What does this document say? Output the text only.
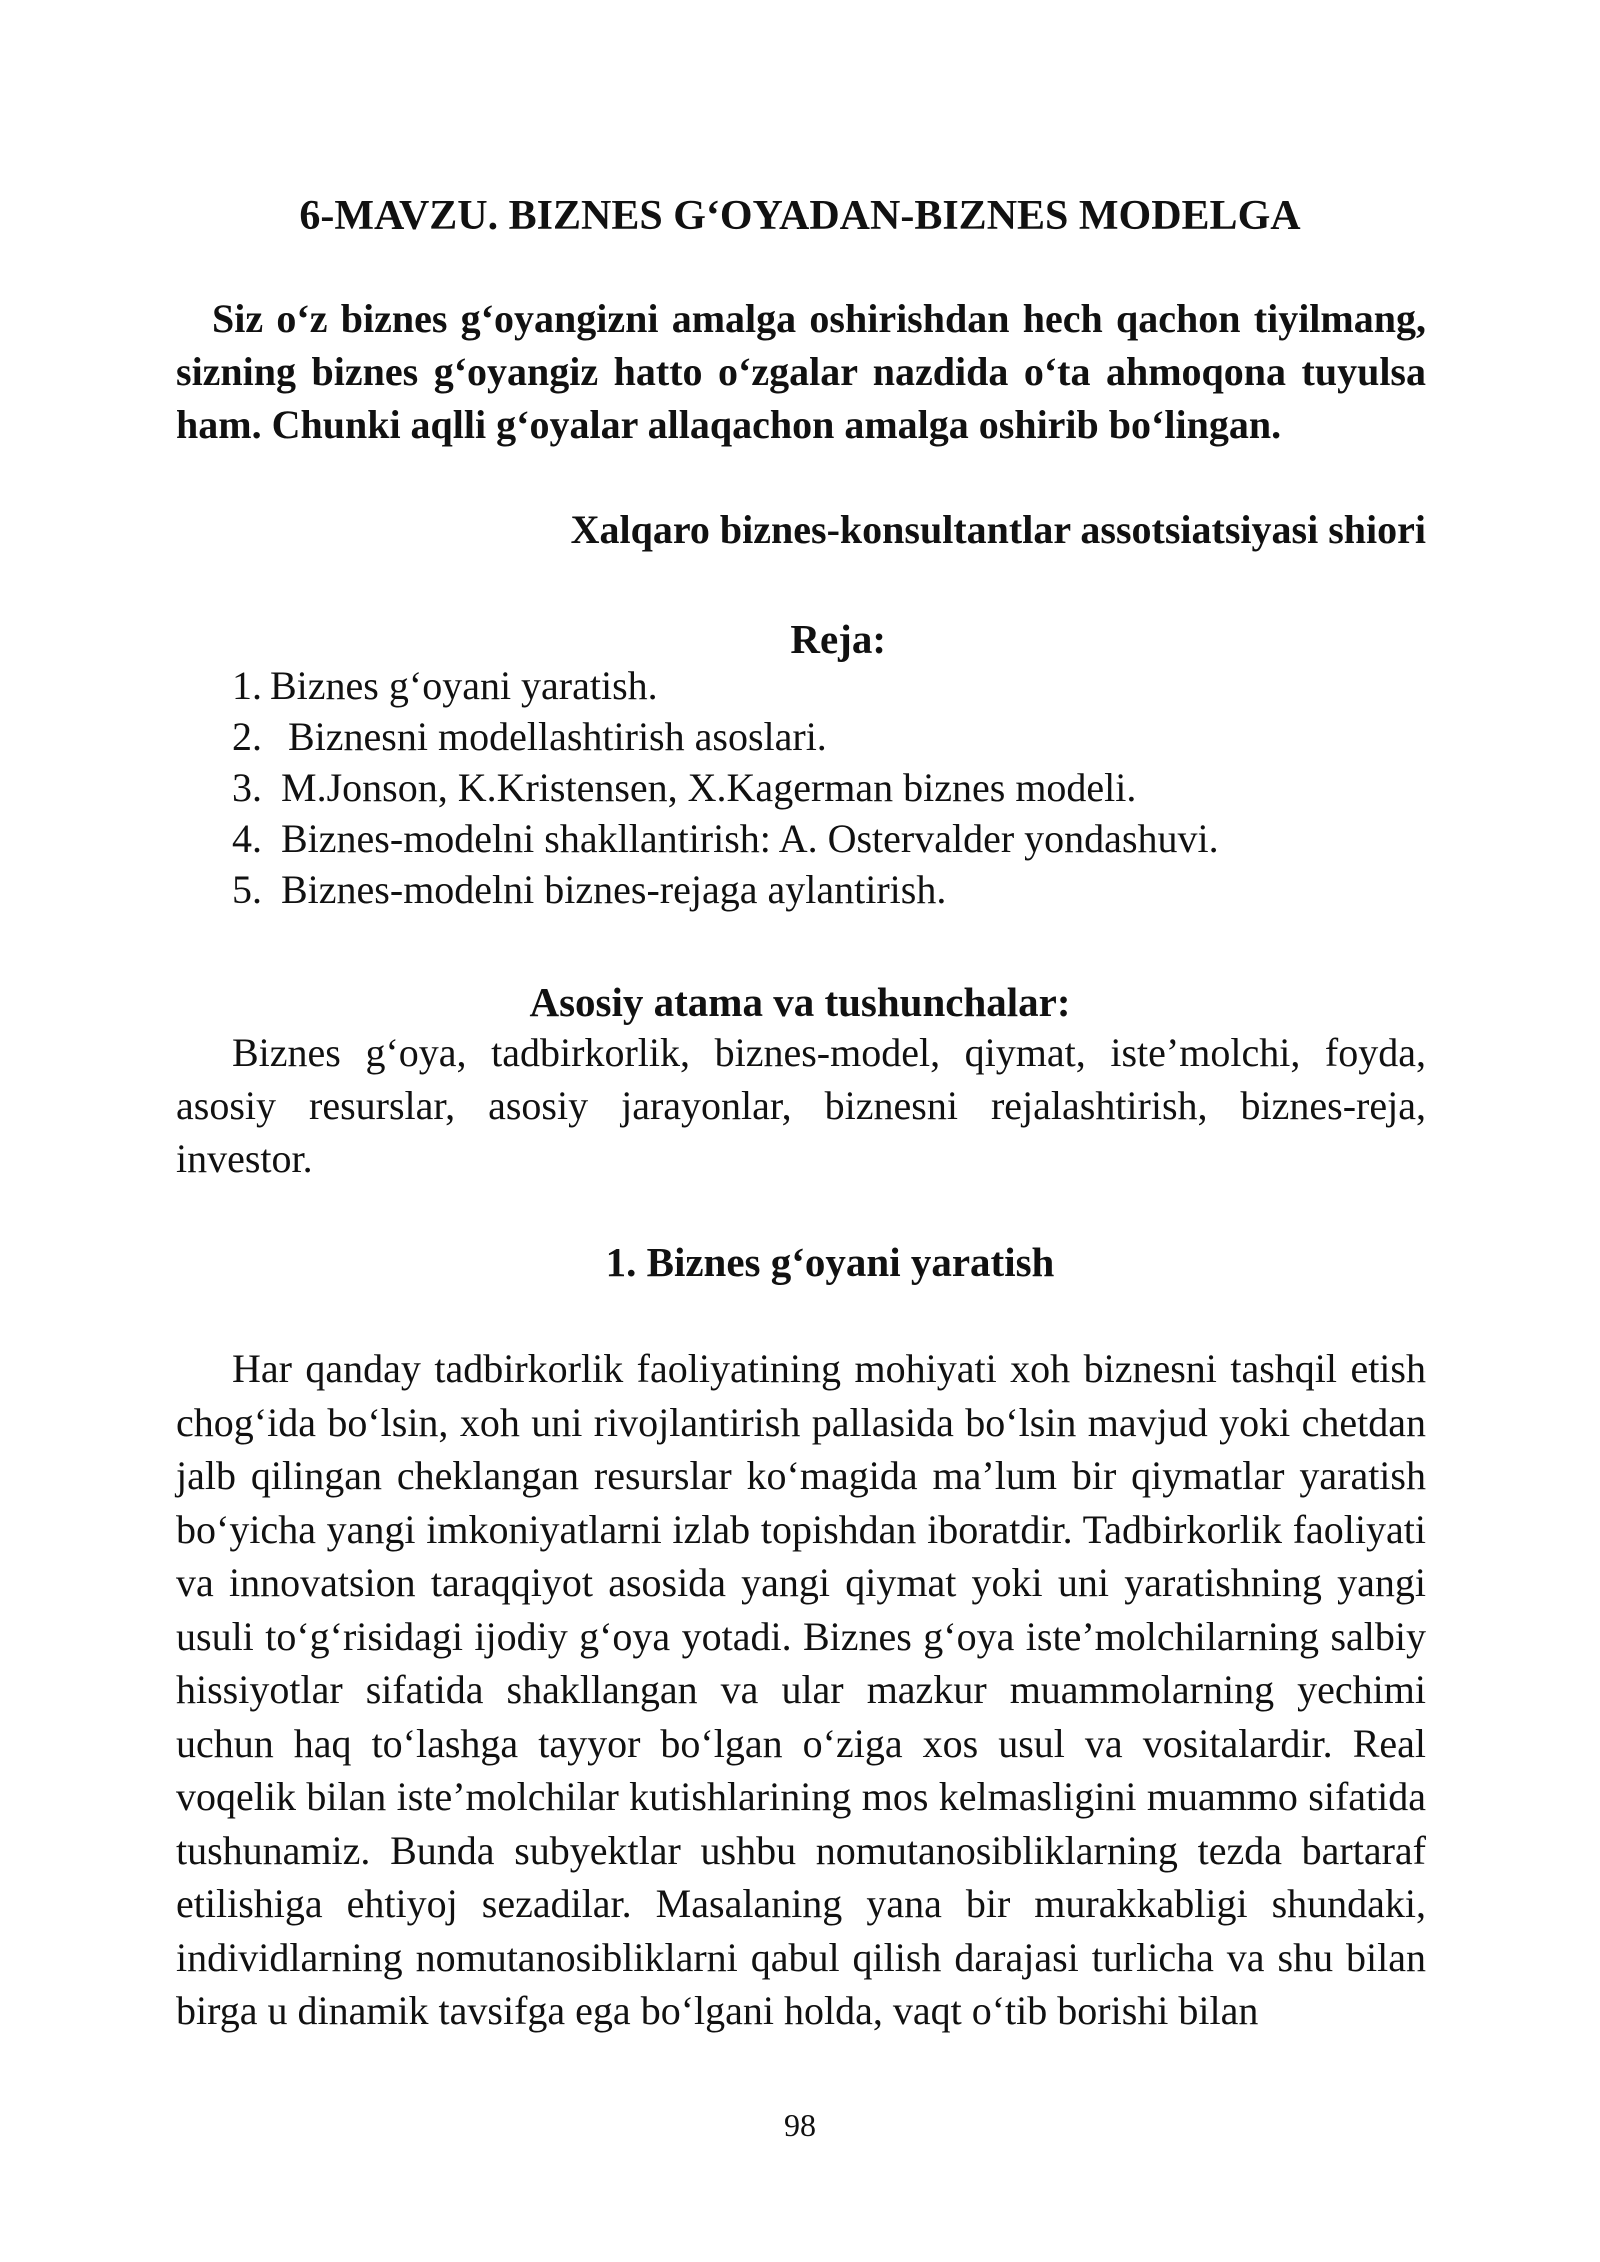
6-MAVZU. BIZNES G‘OYADAN-BIZNES MODELGA

Siz o‘z biznes g‘oyangizni amalga oshirishdan hech qachon tiyilmang, sizning biznes g‘oyangiz hatto o‘zgalar nazdida o‘ta ahmoqona tuyulsa ham. Chunki aqlli g‘oyalar allaqachon amalga oshirib bo‘lingan.

Xalqaro biznes-konsultantlar assotsiatsiyasi shiori

Reja:
1. Biznes g‘oyani yaratish.
2. Biznesni modellashtirish asoslari.
3. M.Jonson, K.Kristensen, X.Kagerman biznes modeli.
4. Biznes-modelni shakllantirish: A. Ostervalder yondashuvi.
5. Biznes-modelni biznes-rejaga aylantirish.
Asosiy atama va tushunchalar:

Biznes g‘oya, tadbirkorlik, biznes-model, qiymat, iste’molchi, foyda, asosiy resurslar, asosiy jarayonlar, biznesni rejalashtirish, biznes-reja, investor.

1. Biznes g‘oyani yaratish

Har qanday tadbirkorlik faoliyatining mohiyati xoh biznesni tashqil etish chog‘ida bo‘lsin, xoh uni rivojlantirish pallasida bo‘lsin mavjud yoki chetdan jalb qilingan cheklangan resurslar ko‘magida ma’lum bir qiymatlar yaratish bo‘yicha yangi imkoniyatlarni izlab topishdan iboratdir. Tadbirkorlik faoliyati va innovatsion taraqqiyot asosida yangi qiymat yoki uni yaratishning yangi usuli to‘g‘risidagi ijodiy g‘oya yotadi. Biznes g‘oya iste’molchilarning salbiy hissiyotlar sifatida shakllangan va ular mazkur muammolarning yechimi uchun haq to‘lashga tayyor bo‘lgan o‘ziga xos usul va vositalardir. Real voqelik bilan iste’molchilar kutishlarining mos kelmasligini muammo sifatida tushunamiz. Bunda subyektlar ushbu nomutanosibliklarning tezda bartaraf etilishiga ehtiyoj sezadilar. Masalaning yana bir murakkabligi shundaki, individlarning nomutanosibliklarni qabul qilish darajasi turlicha va shu bilan birga u dinamik tavsifga ega bo‘lgani holda, vaqt o‘tib borishi bilan

98
